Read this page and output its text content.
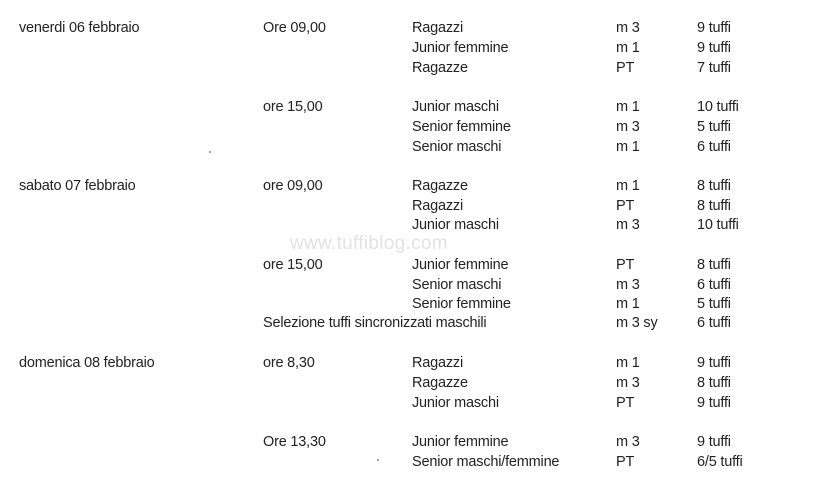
www.tuffiblog.com
venerdi 06 febbraio	Ore 09,00	Ragazzi	m 3	9 tuffi
Junior femmine	m 1	9 tuffi
Ragazze	PT	7 tuffi
ore 15,00	Junior maschi	m 1	10 tuffi
Senior femmine	m 3	5 tuffi
Senior maschi	m 1	6 tuffi
sabato 07 febbraio	ore 09,00	Ragazze	m 1	8 tuffi
Ragazzi	PT	8 tuffi
Junior maschi	m 3	10 tuffi
ore 15,00	Junior femmine	PT	8 tuffi
Senior maschi	m 3	6 tuffi
Senior femmine	m 1	5 tuffi
Selezione tuffi sincronizzati maschili	m 3 sy	6 tuffi
domenica 08 febbraio	ore 8,30	Ragazzi	m 1	9 tuffi
Ragazze	m 3	8 tuffi
Junior maschi	PT	9 tuffi
Ore 13,30	Junior femmine	m 3	9 tuffi
Senior maschi/femmine	PT	6/5 tuffi
